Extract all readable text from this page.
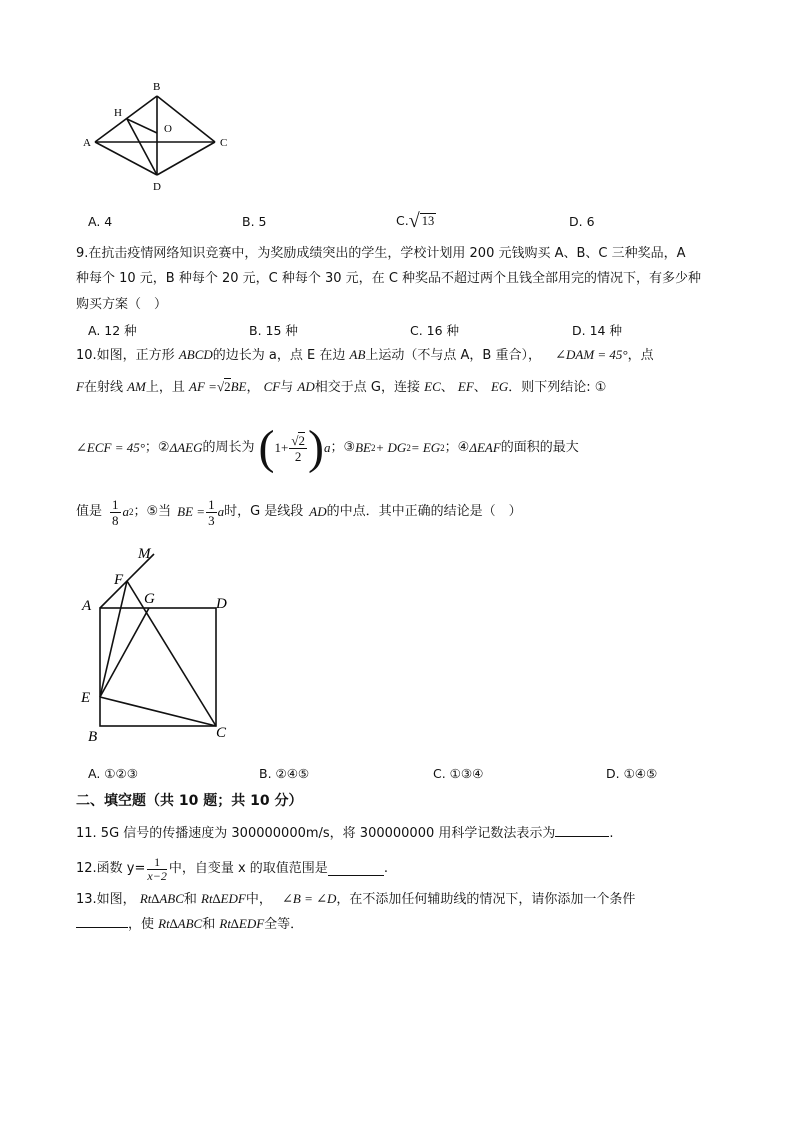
B
H
O
A	C
D
A. 4	B. 5	C.√ 13	D. 6
9.在抗击疫情网络知识竞赛中，为奖励成绩突出的学生，学校计划用 200 元钱购买 A、B、C 三种奖品，A
种每个 10 元，B 种每个 20 元，C 种每个 30 元，在 C 种奖品不超过两个且钱全部用完的情况下，有多少种
购买方案（　）
A. 12 种	B. 15 种	C. 16 种	D. 14 种
10.如图，正方形 ABCD的边长为 a，点 E 在边 AB上运动（不与点 A，B 重合）， ∠DAM = 45°，点
F在射线 AM上，且 AF =√2BE， CF与 AD相交于点 G，连接 EC、 EF、 EG．则下列结论: ①
∠ECF = 45° ；② ΔAEG 的周长为 ( $1+ \frac{√2}{2}$ ) a ；③ BE 2 + DG 2 = EG 2 ；④ ΔEAF 的面积的最大
值是 $\frac{1}{8}$ a 2 ；⑤当 BE = $\frac{1}{3}$ a 时，G 是线段 AD 的中点．其中正确的结论是（　）
M
F
A	G	D
E
B	C
A. ①②③	B. ②④⑤	C. ①③④	D. ①④⑤
二、填空题（共 10 题；共 10 分）
11. 5G 信号的传播速度为 300000000m/s，将 300000000 用科学记数法表示为	.
12.函数 $y= \frac{1}{x-2}$ 中，自变量 x 的取值范围是	.
13.如图， Rt∆ABC和 Rt∆EDF中， ∠B = ∠D，在不添加任何辅助线的情况下，请你添加一个条件
，使 Rt∆ABC和 Rt∆EDF全等．
